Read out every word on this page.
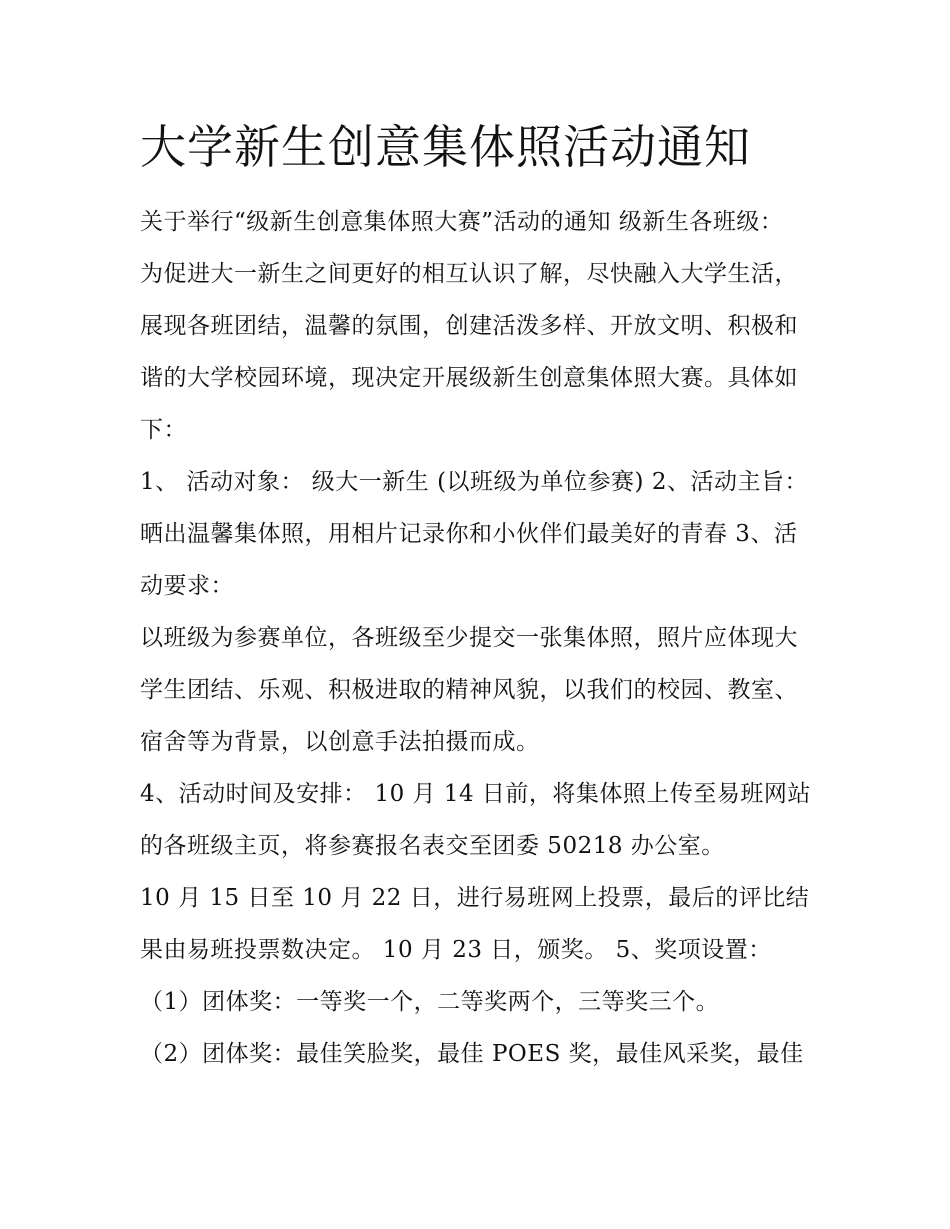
大学新生创意集体照活动通知

关于举行“级新生创意集体照大赛”活动的通知 级新生各班级：

为促进大一新生之间更好的相互认识了解，尽快融入大学生活，展现各班团结，温馨的氛围，创建活泼多样、开放文明、积极和谐的大学校园环境，现决定开展级新生创意集体照大赛。具体如下：

1、 活动对象： 级大一新生 (以班级为单位参赛) 2、活动主旨： 晒出温馨集体照，用相片记录你和小伙伴们最美好的青春 3、活动要求：

以班级为参赛单位，各班级至少提交一张集体照，照片应体现大学生团结、乐观、积极进取的精神风貌，以我们的校园、教室、宿舍等为背景，以创意手法拍摄而成。

4、活动时间及安排： 10 月 14 日前，将集体照上传至易班网站的各班级主页，将参赛报名表交至团委 50218 办公室。

10 月 15 日至 10 月 22 日，进行易班网上投票，最后的评比结果由易班投票数决定。 10 月 23 日，颁奖。 5、奖项设置：

（1）团体奖：一等奖一个，二等奖两个，三等奖三个。

（2）团体奖：最佳笑脸奖，最佳 POES 奖，最佳风采奖，最佳
